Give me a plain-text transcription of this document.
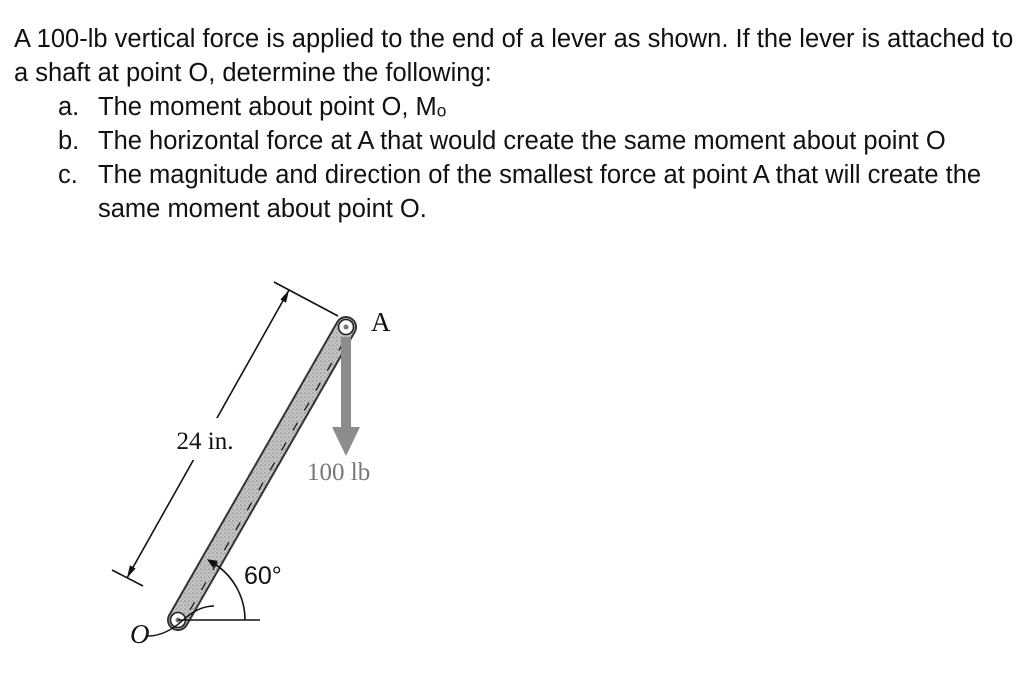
A 100-lb vertical force is applied to the end of a lever as shown. If the lever is attached to a shaft at point O, determine the following:

a. The moment about point O, Mₒ
b. The horizontal force at A that would create the same moment about point O
c. The magnitude and direction of the smallest force at point A that will create the same moment about point O.
24 in.
O
A
100 lb
60°
